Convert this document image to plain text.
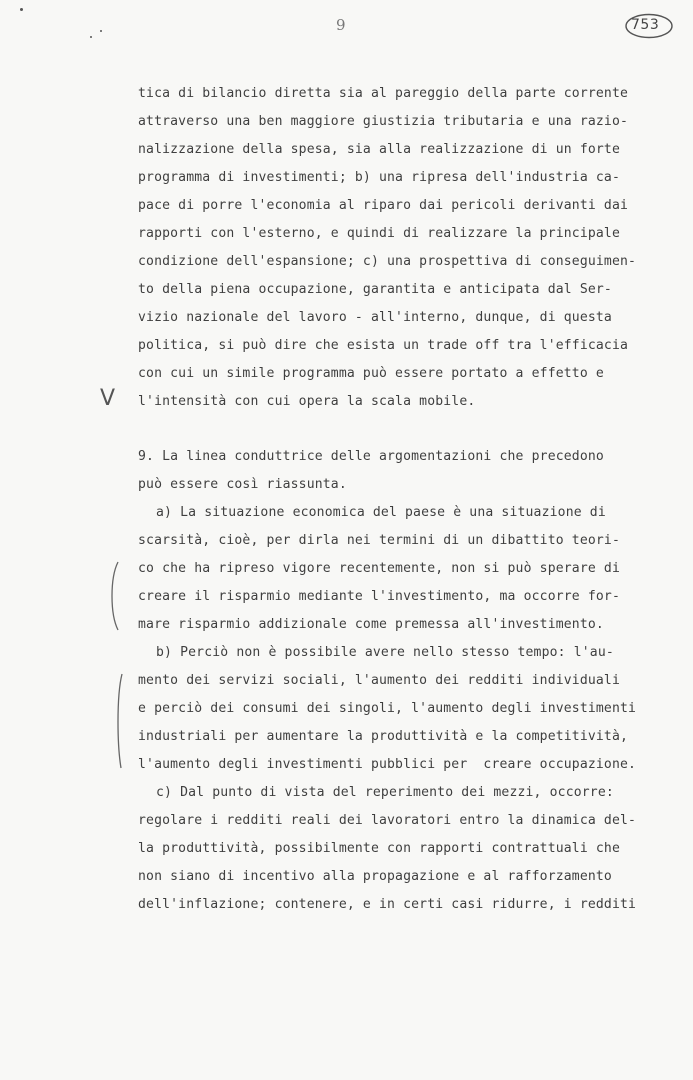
9	753
tica di bilancio diretta sia al pareggio della parte corrente
attraverso una ben maggiore giustizia tributaria e una razio-
nalizzazione della spesa, sia alla realizzazione di un forte
programma di investimenti; b) una ripresa dell'industria ca-
pace di porre l'economia al riparo dai pericoli derivanti dai
rapporti con l'esterno, e quindi di realizzare la principale
condizione dell'espansione; c) una prospettiva di conseguimen-
to della piena occupazione, garantita e anticipata dal Ser-
vizio nazionale del lavoro - all'interno, dunque, di questa
politica, si può dire che esista un trade off tra l'efficacia
con cui un simile programma può essere portato a effetto e
l'intensità con cui opera la scala mobile.
V
9. La linea conduttrice delle argomentazioni che precedono
può essere così riassunta.
a) La situazione economica del paese è una situazione di
scarsità, cioè, per dirla nei termini di un dibattito teori-
co che ha ripreso vigore recentemente, non si può sperare di
creare il risparmio mediante l'investimento, ma occorre for-
mare risparmio addizionale come premessa all'investimento.
b) Perciò non è possibile avere nello stesso tempo: l'au-
mento dei servizi sociali, l'aumento dei redditi individuali
e perciò dei consumi dei singoli, l'aumento degli investimenti
industriali per aumentare la produttività e la competitività,
l'aumento degli investimenti pubblici per  creare occupazione.
c) Dal punto di vista del reperimento dei mezzi, occorre:
regolare i redditi reali dei lavoratori entro la dinamica del-
la produttività, possibilmente con rapporti contrattuali che
non siano di incentivo alla propagazione e al rafforzamento
dell'inflazione; contenere, e in certi casi ridurre, i redditi
